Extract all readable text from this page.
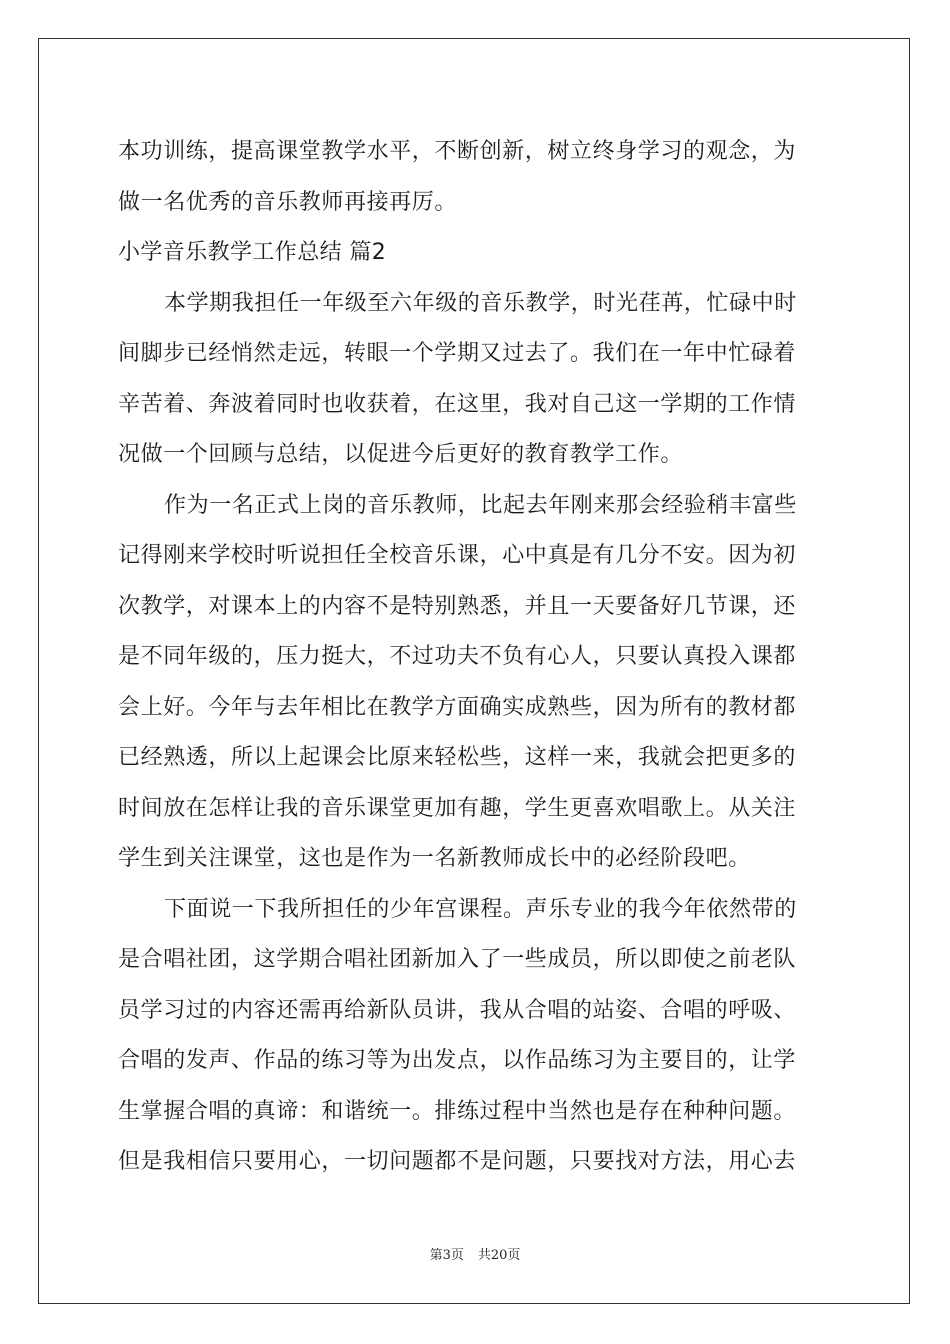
本功训练，提高课堂教学水平，不断创新，树立终身学习的观念，为
做一名优秀的音乐教师再接再厉。
小学音乐教学工作总结 篇2
本学期我担任一年级至六年级的音乐教学，时光荏苒，忙碌中时
间脚步已经悄然走远，转眼一个学期又过去了。我们在一年中忙碌着
辛苦着、奔波着同时也收获着，在这里，我对自己这一学期的工作情
况做一个回顾与总结，以促进今后更好的教育教学工作。
作为一名正式上岗的音乐教师，比起去年刚来那会经验稍丰富些
记得刚来学校时听说担任全校音乐课，心中真是有几分不安。因为初
次教学，对课本上的内容不是特别熟悉，并且一天要备好几节课，还
是不同年级的，压力挺大，不过功夫不负有心人，只要认真投入课都
会上好。今年与去年相比在教学方面确实成熟些，因为所有的教材都
已经熟透，所以上起课会比原来轻松些，这样一来，我就会把更多的
时间放在怎样让我的音乐课堂更加有趣，学生更喜欢唱歌上。从关注
学生到关注课堂，这也是作为一名新教师成长中的必经阶段吧。
下面说一下我所担任的少年宫课程。声乐专业的我今年依然带的
是合唱社团，这学期合唱社团新加入了一些成员，所以即使之前老队
员学习过的内容还需再给新队员讲，我从合唱的站姿、合唱的呼吸、
合唱的发声、作品的练习等为出发点，以作品练习为主要目的，让学
生掌握合唱的真谛：和谐统一。排练过程中当然也是存在种种问题。
但是我相信只要用心，一切问题都不是问题，只要找对方法，用心去
第3页 共20页
